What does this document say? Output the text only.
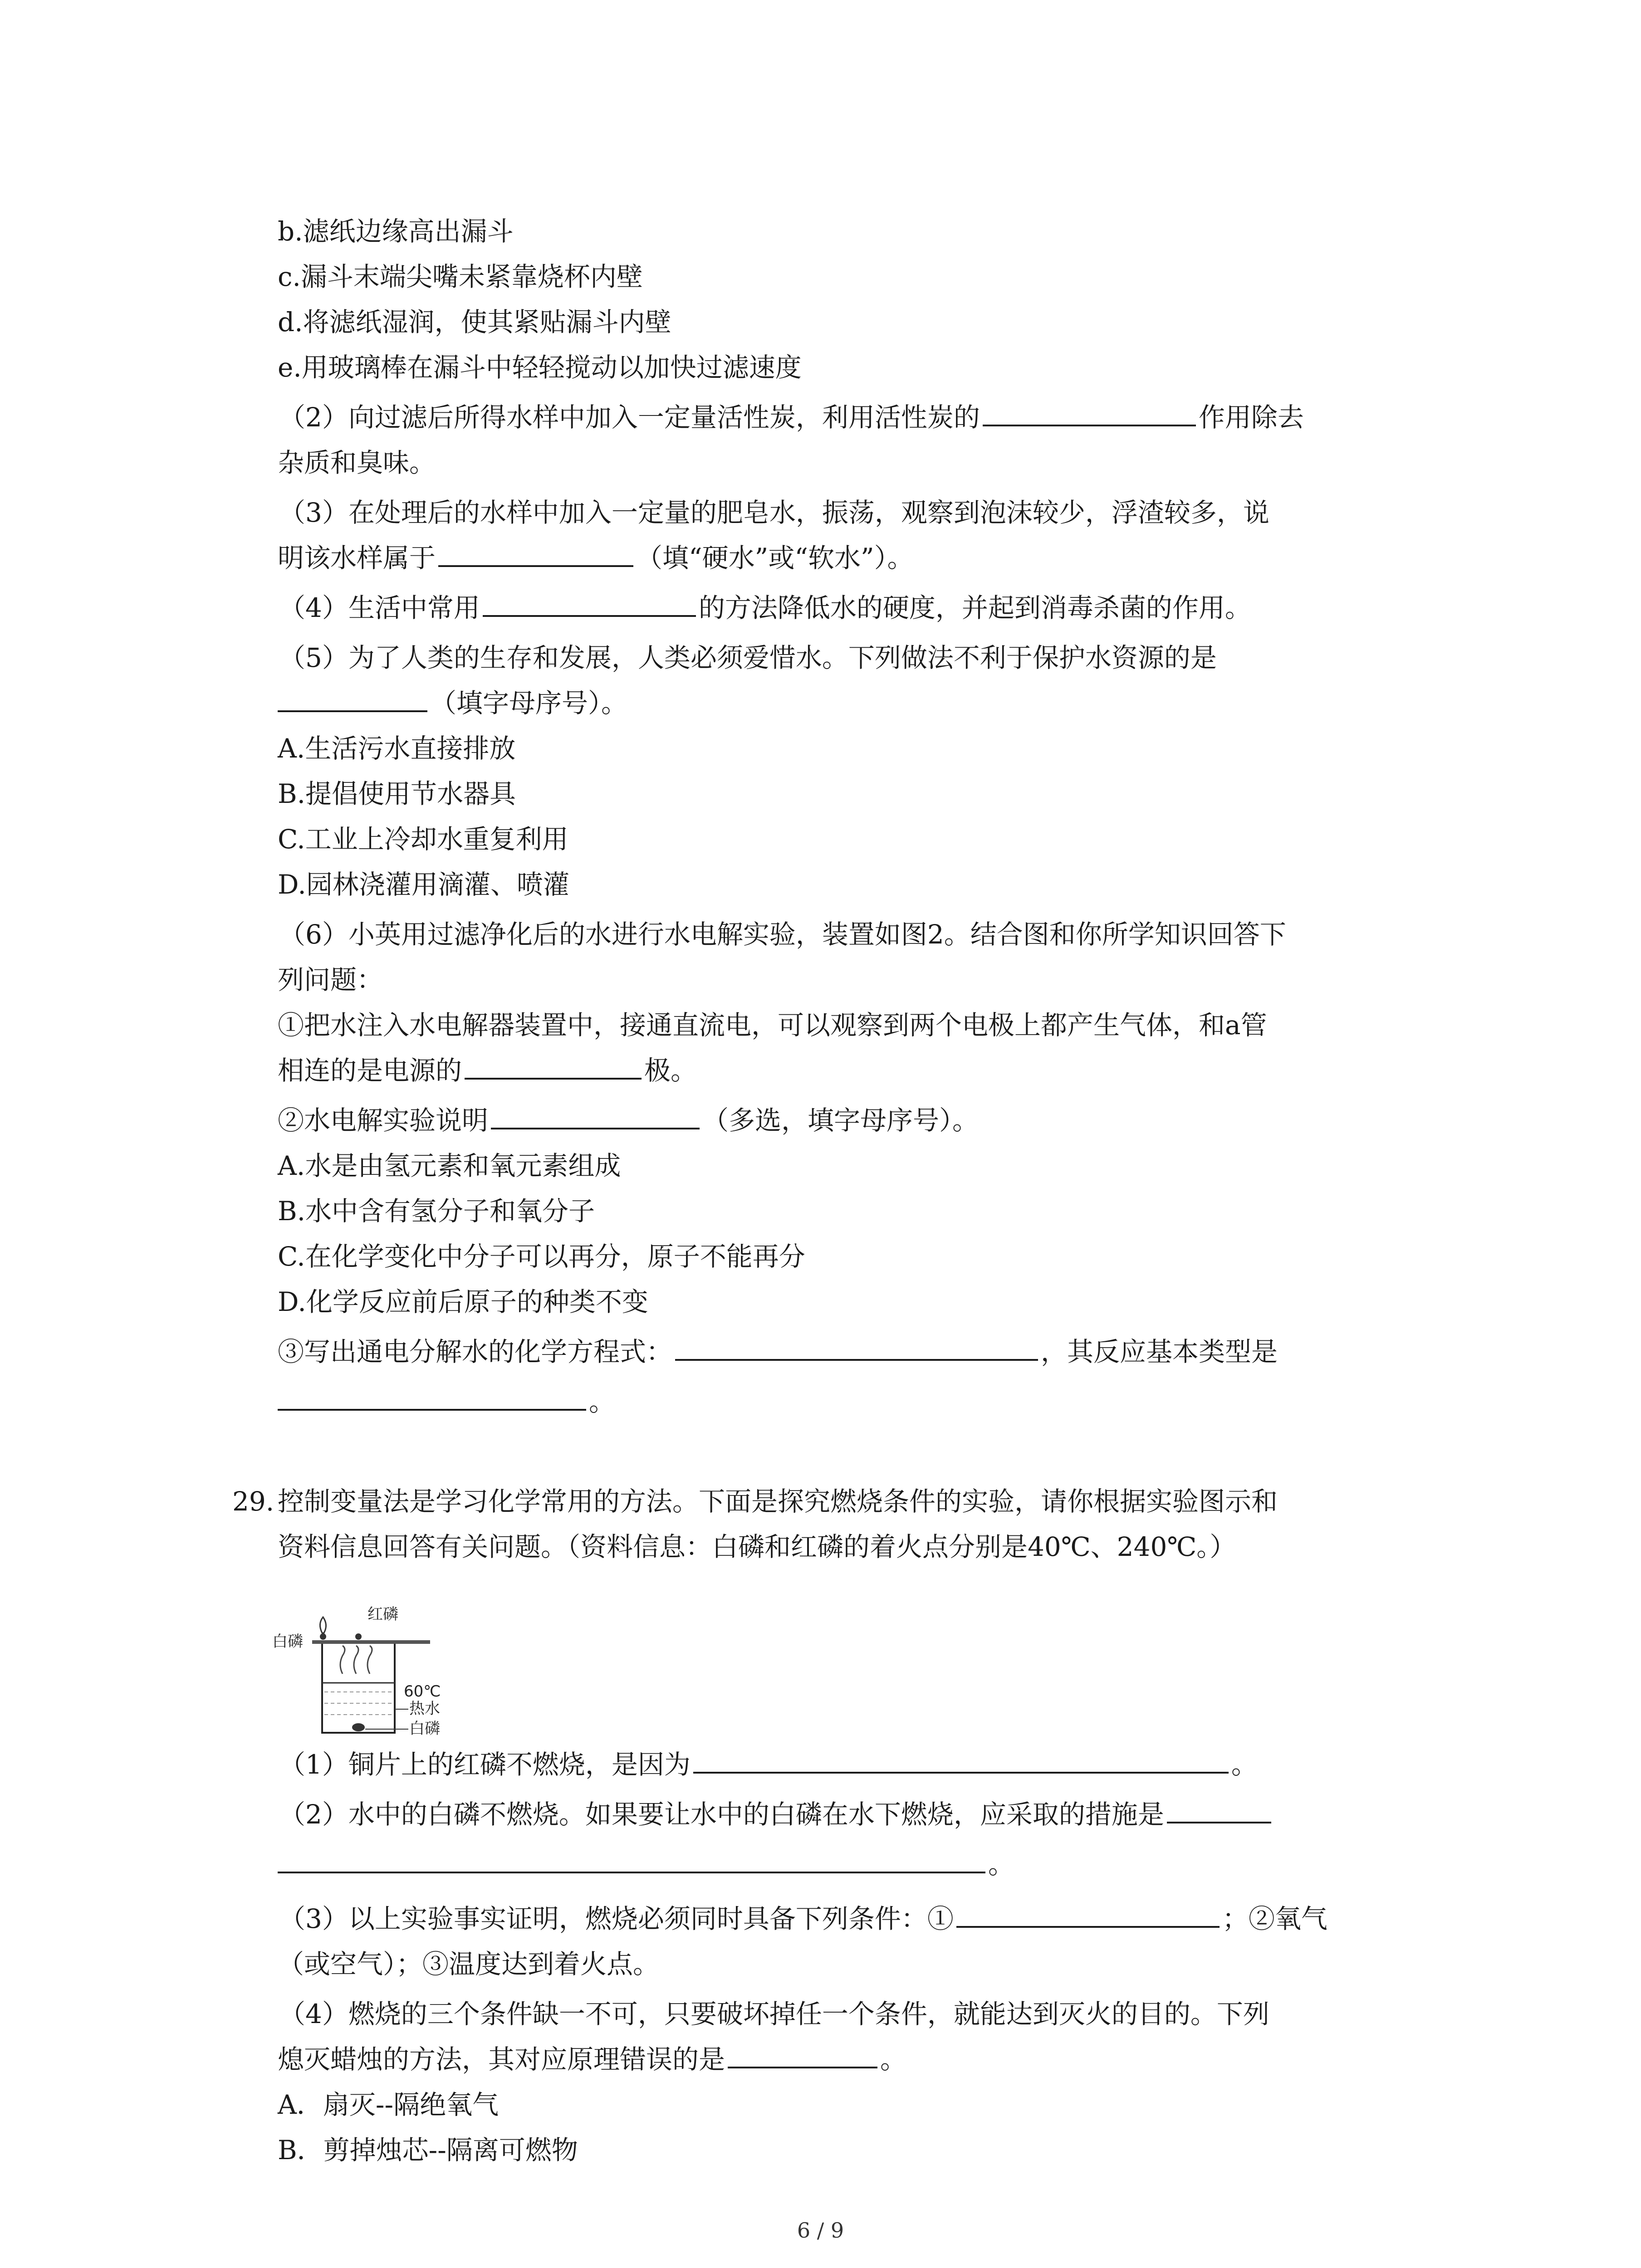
b.滤纸边缘高出漏斗
c.漏斗末端尖嘴未紧靠烧杯内壁
d.将滤纸湿润，使其紧贴漏斗内壁
e.用玻璃棒在漏斗中轻轻搅动以加快过滤速度
（2）向过滤后所得水样中加入一定量活性炭，利用活性炭的	作用除去
杂质和臭味。
（3）在处理后的水样中加入一定量的肥皂水，振荡，观察到泡沫较少，浮渣较多，说
明该水样属于	（填“硬水”或“软水”）。
（4）生活中常用	的方法降低水的硬度，并起到消毒杀菌的作用。
（5）为了人类的生存和发展，人类必须爱惜水。下列做法不利于保护水资源的是
（填字母序号）。
A.生活污水直接排放
B.提倡使用节水器具
C.工业上冷却水重复利用
D.园林浇灌用滴灌、喷灌
（6）小英用过滤净化后的水进行水电解实验，装置如图2。结合图和你所学知识回答下
列问题：
①把水注入水电解器装置中，接通直流电，可以观察到两个电极上都产生气体，和a管
相连的是电源的	极。
②水电解实验说明	（多选，填字母序号）。
A.水是由氢元素和氧元素组成
B.水中含有氢分子和氧分子
C.在化学变化中分子可以再分，原子不能再分
D.化学反应前后原子的种类不变
③写出通电分解水的化学方程式：	，其反应基本类型是
。
29. 控制变量法是学习化学常用的方法。下面是探究燃烧条件的实验，请你根据实验图示和
资料信息回答有关问题。（资料信息：白磷和红磷的着火点分别是40℃、240℃。）
红磷
白磷
60℃
热水
白磷
（1）铜片上的红磷不燃烧，是因为	。
（2）水中的白磷不燃烧。如果要让水中的白磷在水下燃烧，应采取的措施是
。
（3）以上实验事实证明，燃烧必须同时具备下列条件：①	；②氧气
（或空气）；③温度达到着火点。
（4）燃烧的三个条件缺一不可，只要破坏掉任一个条件，就能达到灭火的目的。下列
熄灭蜡烛的方法，其对应原理错误的是	。
A．扇灭--隔绝氧气
B．剪掉烛芯--隔离可燃物
6 / 9
